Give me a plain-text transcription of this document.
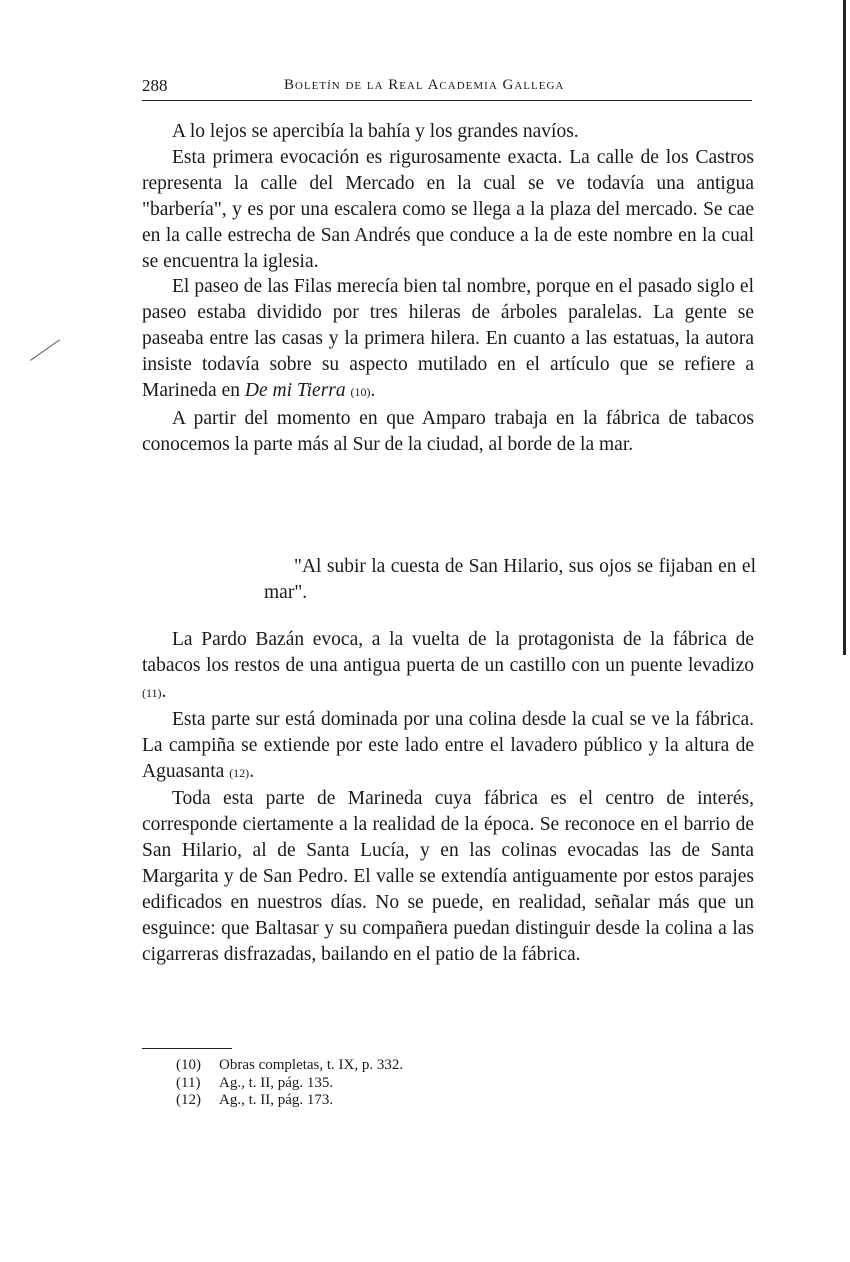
288	Boletín de la Real Academia Gallega

A lo lejos se apercibía la bahía y los grandes navíos.

Esta primera evocación es rigurosamente exacta. La calle de los Castros representa la calle del Mercado en la cual se ve todavía una antigua "barbería", y es por una escalera como se llega a la plaza del mercado. Se cae en la calle estrecha de San Andrés que conduce a la de este nombre en la cual se encuentra la iglesia.

El paseo de las Filas merecía bien tal nombre, porque en el pasado siglo el paseo estaba dividido por tres hileras de árboles paralelas. La gente se paseaba entre las casas y la primera hilera. En cuanto a las estatuas, la autora insiste todavía sobre su aspecto mutilado en el artículo que se refiere a Marineda en De mi Tierra (10).

A partir del momento en que Amparo trabaja en la fábrica de tabacos conocemos la parte más al Sur de la ciudad, al borde de la mar.

"Al subir la cuesta de San Hilario, sus ojos se fijaban en el mar".

La Pardo Bazán evoca, a la vuelta de la protagonista de la fábrica de tabacos los restos de una antigua puerta de un castillo con un puente levadizo (11).

Esta parte sur está dominada por una colina desde la cual se ve la fábrica. La campiña se extiende por este lado entre el lavadero público y la altura de Aguasanta (12).

Toda esta parte de Marineda cuya fábrica es el centro de interés, corresponde ciertamente a la realidad de la época. Se reconoce en el barrio de San Hilario, al de Santa Lucía, y en las colinas evocadas las de Santa Margarita y de San Pedro. El valle se extendía antiguamente por estos parajes edificados en nuestros días. No se puede, en realidad, señalar más que un esguince: que Baltasar y su compañera puedan distinguir desde la colina a las cigarreras disfrazadas, bailando en el patio de la fábrica.

(10)	Obras completas, t. IX, p. 332.
(11)	Ag., t. II, pág. 135.
(12)	Ag., t. II, pág. 173.
